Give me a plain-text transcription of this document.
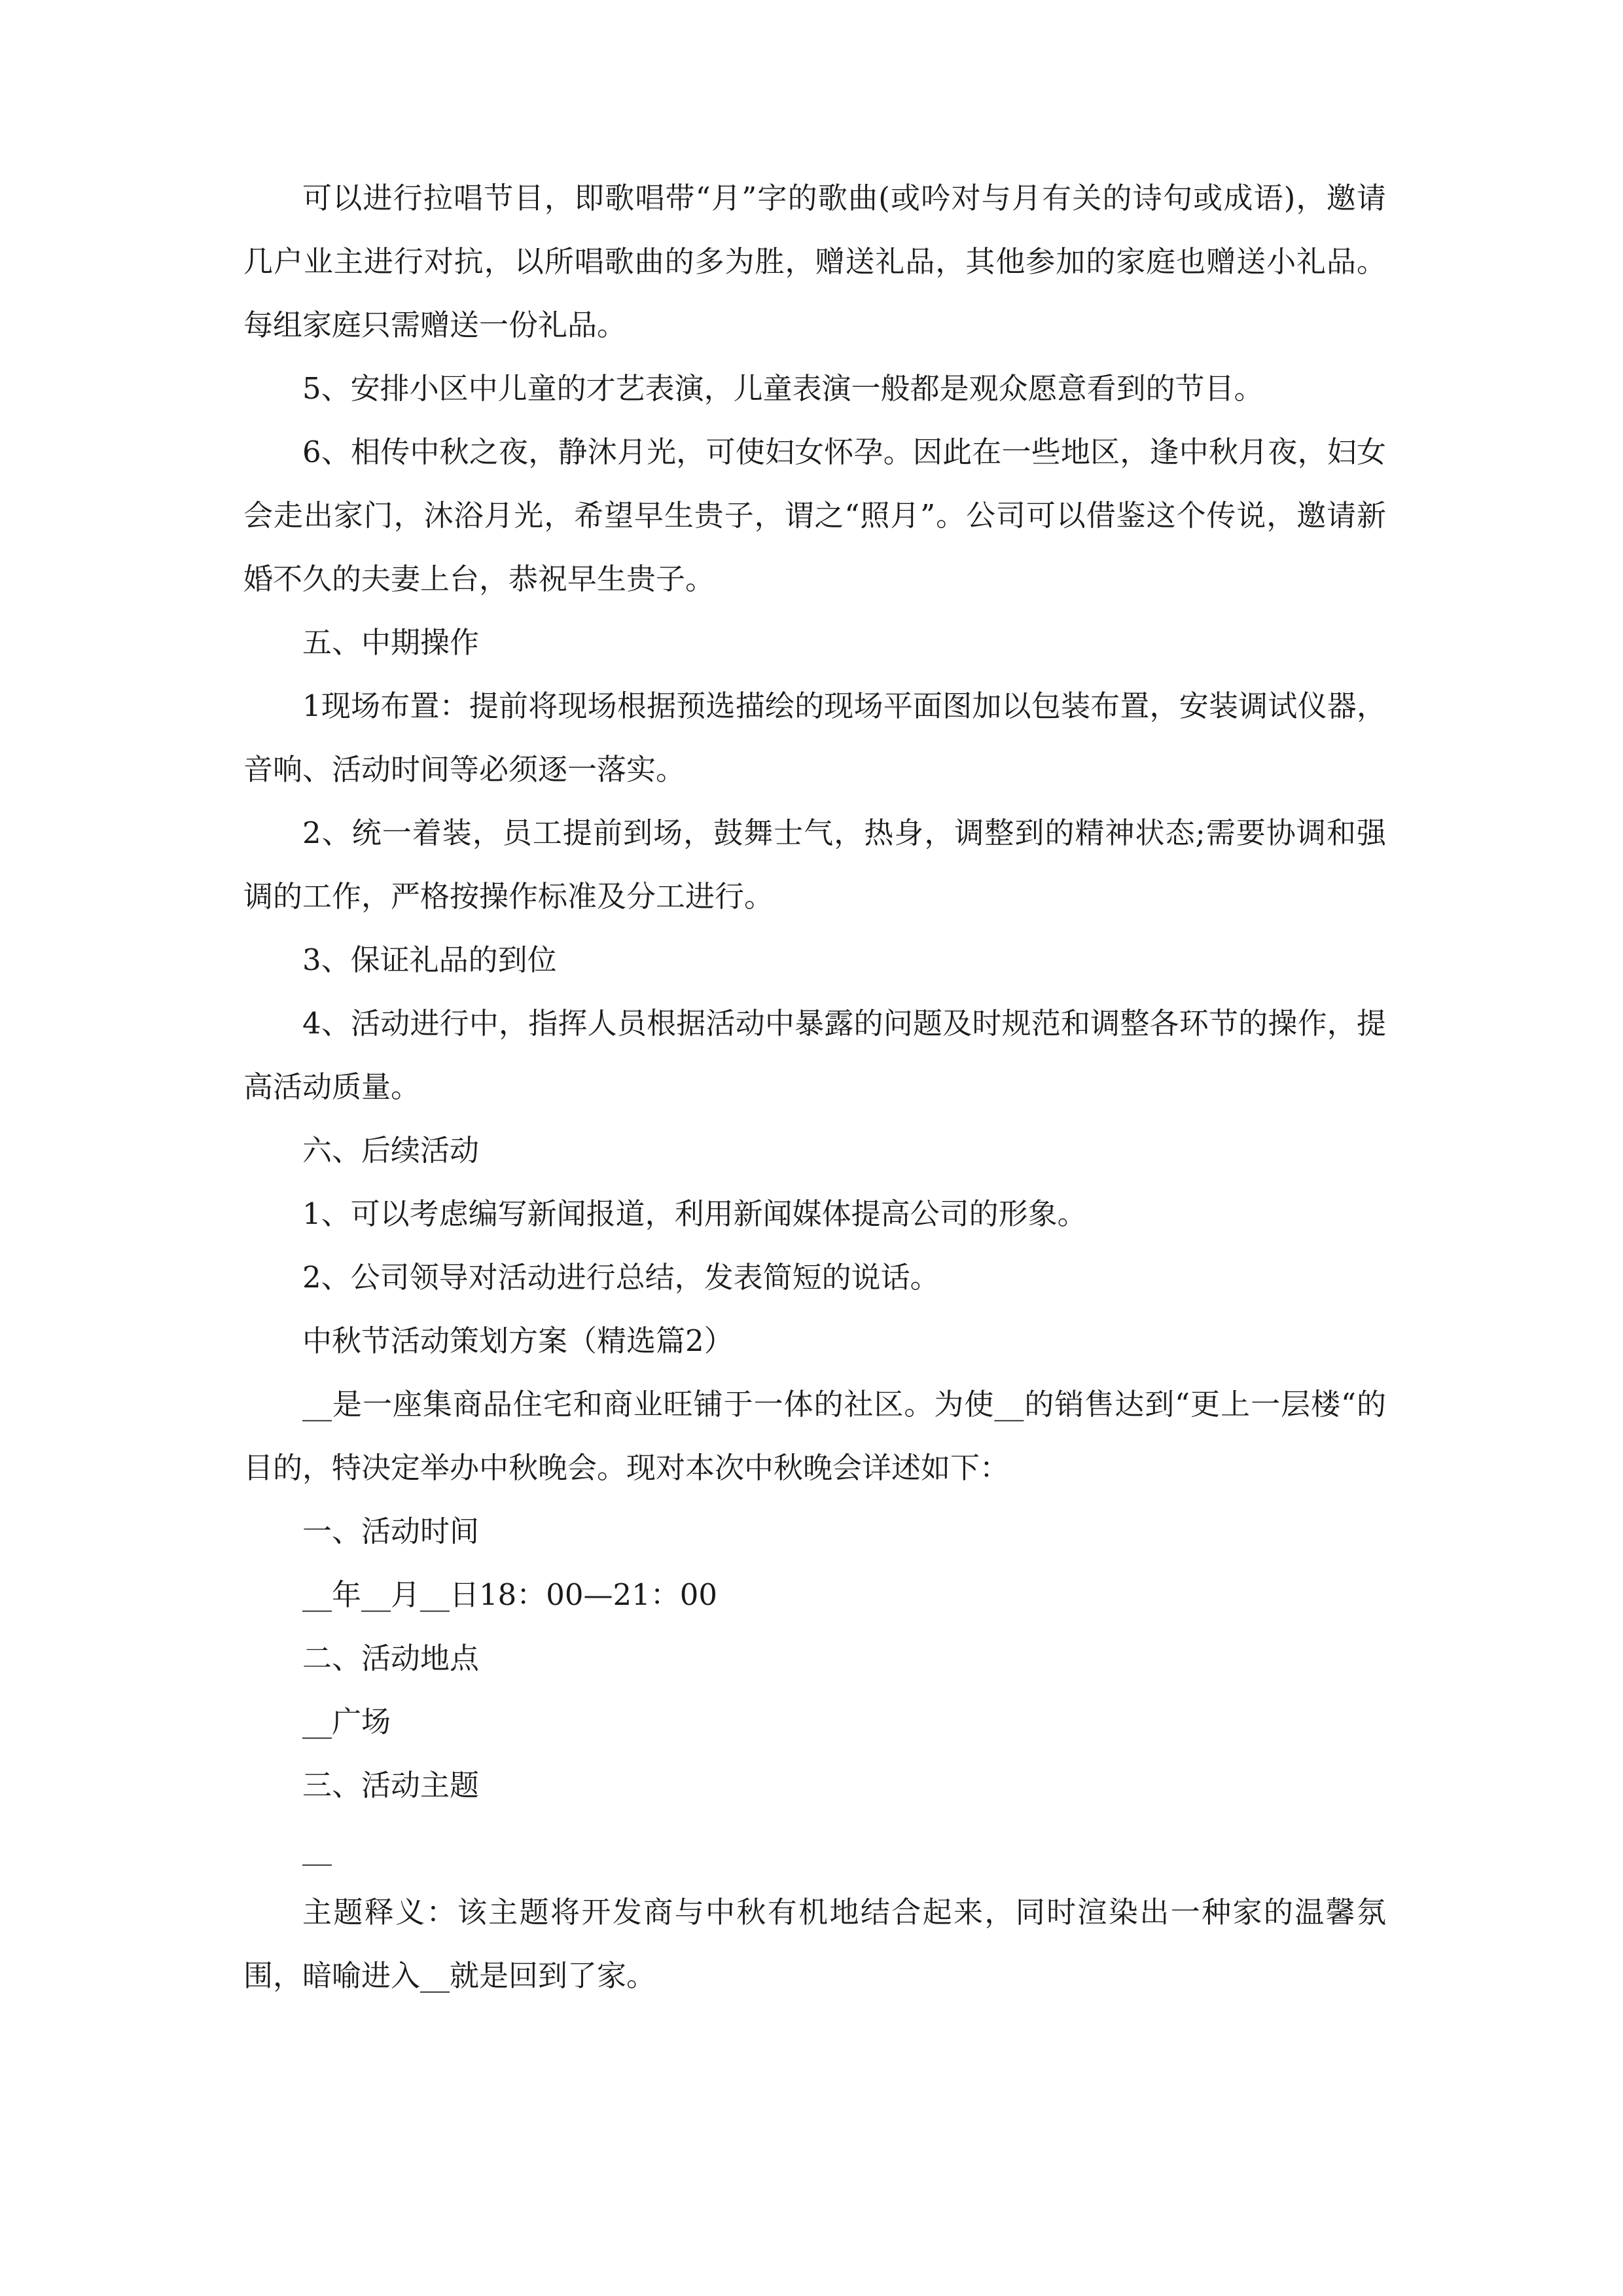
可以进行拉唱节目，即歌唱带“月”字的歌曲(或吟对与月有关的诗句或成语)，邀请几户业主进行对抗，以所唱歌曲的多为胜，赠送礼品，其他参加的家庭也赠送小礼品。每组家庭只需赠送一份礼品。

5、安排小区中儿童的才艺表演，儿童表演一般都是观众愿意看到的节目。

6、相传中秋之夜，静沐月光，可使妇女怀孕。因此在一些地区，逢中秋月夜，妇女会走出家门，沐浴月光，希望早生贵子，谓之“照月”。公司可以借鉴这个传说，邀请新婚不久的夫妻上台，恭祝早生贵子。

五、中期操作

1现场布置：提前将现场根据预选描绘的现场平面图加以包装布置，安装调试仪器，音响、活动时间等必须逐一落实。

2、统一着装，员工提前到场，鼓舞士气，热身，调整到的精神状态;需要协调和强调的工作，严格按操作标准及分工进行。

3、保证礼品的到位

4、活动进行中，指挥人员根据活动中暴露的问题及时规范和调整各环节的操作，提高活动质量。

六、后续活动

1、可以考虑编写新闻报道，利用新闻媒体提高公司的形象。

2、公司领导对活动进行总结，发表简短的说话。

中秋节活动策划方案（精选篇2）

__是一座集商品住宅和商业旺铺于一体的社区。为使__的销售达到“更上一层楼“的目的，特决定举办中秋晚会。现对本次中秋晚会详述如下：

一、活动时间

__年__月__日18：00—21：00

二、活动地点

__广场

三、活动主题

__

主题释义：该主题将开发商与中秋有机地结合起来，同时渲染出一种家的温馨氛围，暗喻进入__就是回到了家。
